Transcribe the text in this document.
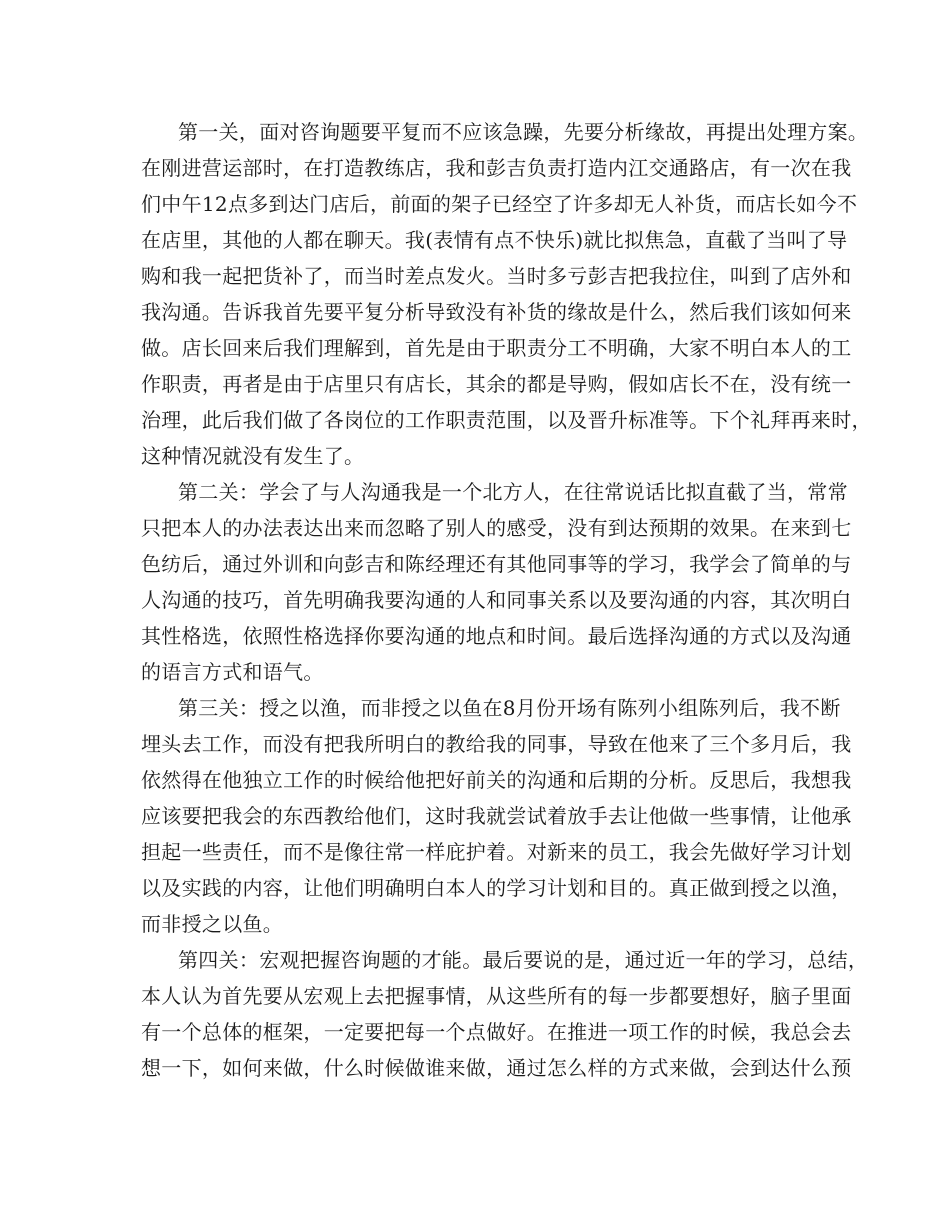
第一关，面对咨询题要平复而不应该急躁，先要分析缘故，再提出处理方案。
在刚进营运部时，在打造教练店，我和彭吉负责打造内江交通路店，有一次在我
们中午12点多到达门店后，前面的架子已经空了许多却无人补货，而店长如今不
在店里，其他的人都在聊天。我(表情有点不快乐)就比拟焦急，直截了当叫了导
购和我一起把货补了，而当时差点发火。当时多亏彭吉把我拉住，叫到了店外和
我沟通。告诉我首先要平复分析导致没有补货的缘故是什么，然后我们该如何来
做。店长回来后我们理解到，首先是由于职责分工不明确，大家不明白本人的工
作职责，再者是由于店里只有店长，其余的都是导购，假如店长不在，没有统一
治理，此后我们做了各岗位的工作职责范围，以及晋升标准等。下个礼拜再来时，
这种情况就没有发生了。
第二关：学会了与人沟通我是一个北方人，在往常说话比拟直截了当，常常
只把本人的办法表达出来而忽略了别人的感受，没有到达预期的效果。在来到七
色纺后，通过外训和向彭吉和陈经理还有其他同事等的学习，我学会了简单的与
人沟通的技巧，首先明确我要沟通的人和同事关系以及要沟通的内容，其次明白
其性格选，依照性格选择你要沟通的地点和时间。最后选择沟通的方式以及沟通
的语言方式和语气。
第三关：授之以渔，而非授之以鱼在8月份开场有陈列小组陈列后，我不断
埋头去工作，而没有把我所明白的教给我的同事，导致在他来了三个多月后，我
依然得在他独立工作的时候给他把好前关的沟通和后期的分析。反思后，我想我
应该要把我会的东西教给他们，这时我就尝试着放手去让他做一些事情，让他承
担起一些责任，而不是像往常一样庇护着。对新来的员工，我会先做好学习计划
以及实践的内容，让他们明确明白本人的学习计划和目的。真正做到授之以渔，
而非授之以鱼。
第四关：宏观把握咨询题的才能。最后要说的是，通过近一年的学习，总结，
本人认为首先要从宏观上去把握事情，从这些所有的每一步都要想好，脑子里面
有一个总体的框架，一定要把每一个点做好。在推进一项工作的时候，我总会去
想一下，如何来做，什么时候做谁来做，通过怎么样的方式来做，会到达什么预
